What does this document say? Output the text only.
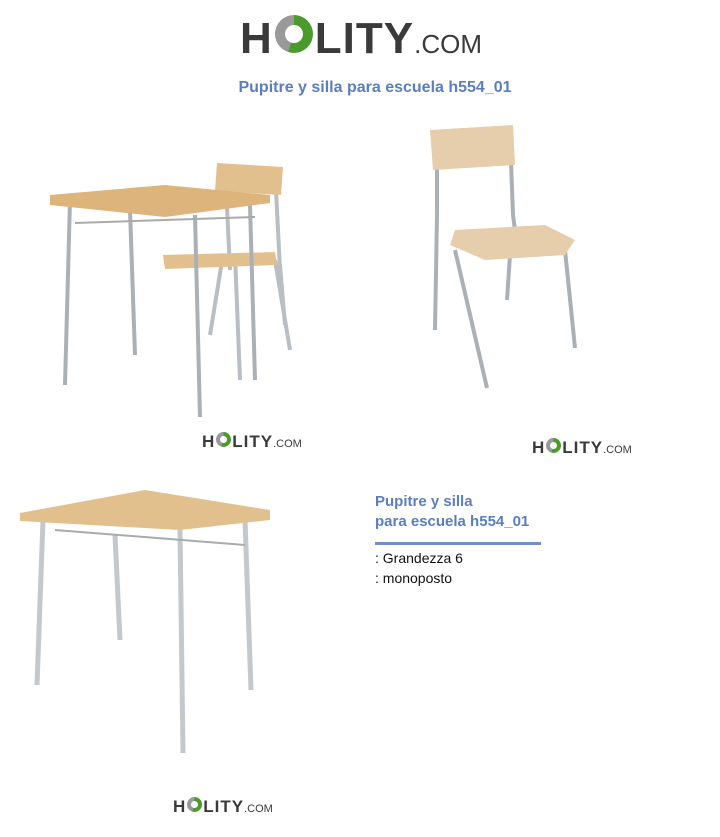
H LITY .COM
Pupitre y silla para escuela h554_01
H LITY .COM	H LITY .COM
H LITY .COM
Pupitre y silla
para escuela h554_01
: Grandezza 6
: monoposto
